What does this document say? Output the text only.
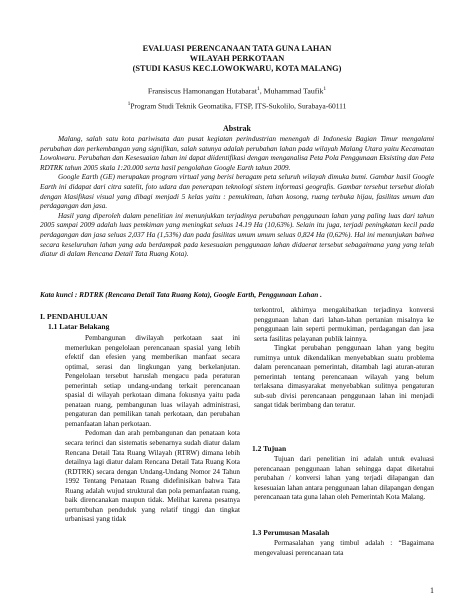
EVALUASI PERENCANAAN TATA GUNA LAHAN
WILAYAH PERKOTAAN
(STUDI KASUS KEC.LOWOKWARU, KOTA MALANG)
Fransiscus Hamonangan Hutabarat$^1$, Muhammad Taufik$^1$
$^1$Program Studi Teknik Geomatika, FTSP, ITS-Sukolilo, Surabaya-60111
Abstrak

Malang, salah satu kota pariwisata dan pusat kegiatan perindustrian menengah di Indonesia Bagian Timur mengalami perubahan dan perkembangan yang signifikan, salah satunya adalah perubahan lahan pada wilayah Malang Utara yaitu Kecamatan Lowokwaru. Perubahan dan Kesesuaian lahan ini dapat diidentifikasi dengan menganalisa Peta Pola Penggunaan Eksisting dan Peta RDTRK tahun 2005 skala 1:20.000 serta hasil pengolahan Google Earth tahun 2009.

Google Earth (GE) merupakan program virtual yang berisi beragam peta seluruh wilayah dimuka bumi. Gambar hasil Google Earth ini didapat dari citra satelit, foto udara dan penerapan teknologi sistem informasi geografis. Gambar tersebut tersebut diolah dengan klasifikasi visual yang dibagi menjadi 5 kelas yaitu : pemukiman, lahan kosong, ruang terbuka hijau, fasilitas umum dan perdagangan dan jasa.

Hasil yang diperoleh dalam penelitian ini menunjukkan terjadinya perubahan penggunaan lahan yang paling luas dari tahun 2005 sampai 2009 adalah luas pemkiman yang meningkat seluas 14.19 Ha (10,63%). Selain itu juga, terjadi peningkatan kecil pada perdagangan dan jasa seluas 2,037 Ha (1,53%) dan pada fasilitas umum umum seluas 0,824 Ha (0,62%). Hal ini menunjukan bahwa secara keseluruhan lahan yang ada berdampak pada kesesuaian penggunaan lahan didaerat tersebut sebagaimana yang yang telah diatur di dalam Rencana Detail Tata Ruang Kota).

Kata kunci : RDTRK (Rencana Detail Tata Ruang Kota), Google Earth, Penggunaan Lahan .
I. PENDAHULUAN
1.1 Latar Belakang

Pembangunan diwilayah perkotaan saat ini memerlukan pengelolaan perencanaan spasial yang lebih efektif dan efesien yang memberikan manfaat secara optimal, serasi dan lingkungan yang berkelanjutan. Pengelolaan tersebut haruslah mengacu pada peraturan pemerintah setiap undang-undang terkait perencanaan spasial di wilayah perkotaan dimana fokusnya yaitu pada penataan ruang, pembangunan luas wilayah administrasi, pengaturan dan pemilikan tanah perkotaan, dan perubahan pemanfaatan lahan perkotaan.

Pedoman dan arah pembangunan dan penataan kota secara terinci dan sistematis sebenarnya sudah diatur dalam Rencana Detail Tata Ruang Wilayah (RTRW) dimana lebih detailnya lagi diatur dalam Rencana Detail Tata Ruang Kota (RDTRK) secara dengan Undang-Undang Nomor 24 Tahun 1992 Tentang Penataan Ruang didefinisikan bahwa Tata Ruang adalah wujud struktural dan pola pemanfaatan ruang, baik direncanakan maupun tidak. Melihat karena pesatnya pertumbuhan penduduk yang relatif tinggi dan tingkat urbanisasi yang tidak

terkontrol, akhirnya mengakibatkan terjadinya konversi penggunaan lahan dari lahan-lahan pertanian misalnya ke penggunaan lain seperti permukiman, perdagangan dan jasa serta fasilitas pelayanan publik lainnya.

Tingkat perubahan penggunaan lahan yang begitu rumitnya untuk dikendalikan menyebabkan suatu problema dalam perencanaan pemerintah, ditambah lagi aturan-aturan pemerintah tentang perencanaan wilayah yang belum terlaksana dimasyarakat menyebabkan sulitnya pengaturan sub-sub divisi perencanaan penggunaan lahan ini menjadi sangat tidak berimbang dan teratur.

1.2 Tujuan

Tujuan dari penelitian ini adalah untuk evaluasi perencanaan penggunaan lahan sehingga dapat diketahui perubahan / konversi lahan yang terjadi dilapangan dan kesesuaian lahan antara penggunaan lahan dilapangan dengan perencanaan tata guna lahan oleh Pemerintah Kota Malang.

1.3 Perumusan Masalah

Permasalahan yang timbul adalah : “Bagaimana mengevaluasi perencanaan tata

1
